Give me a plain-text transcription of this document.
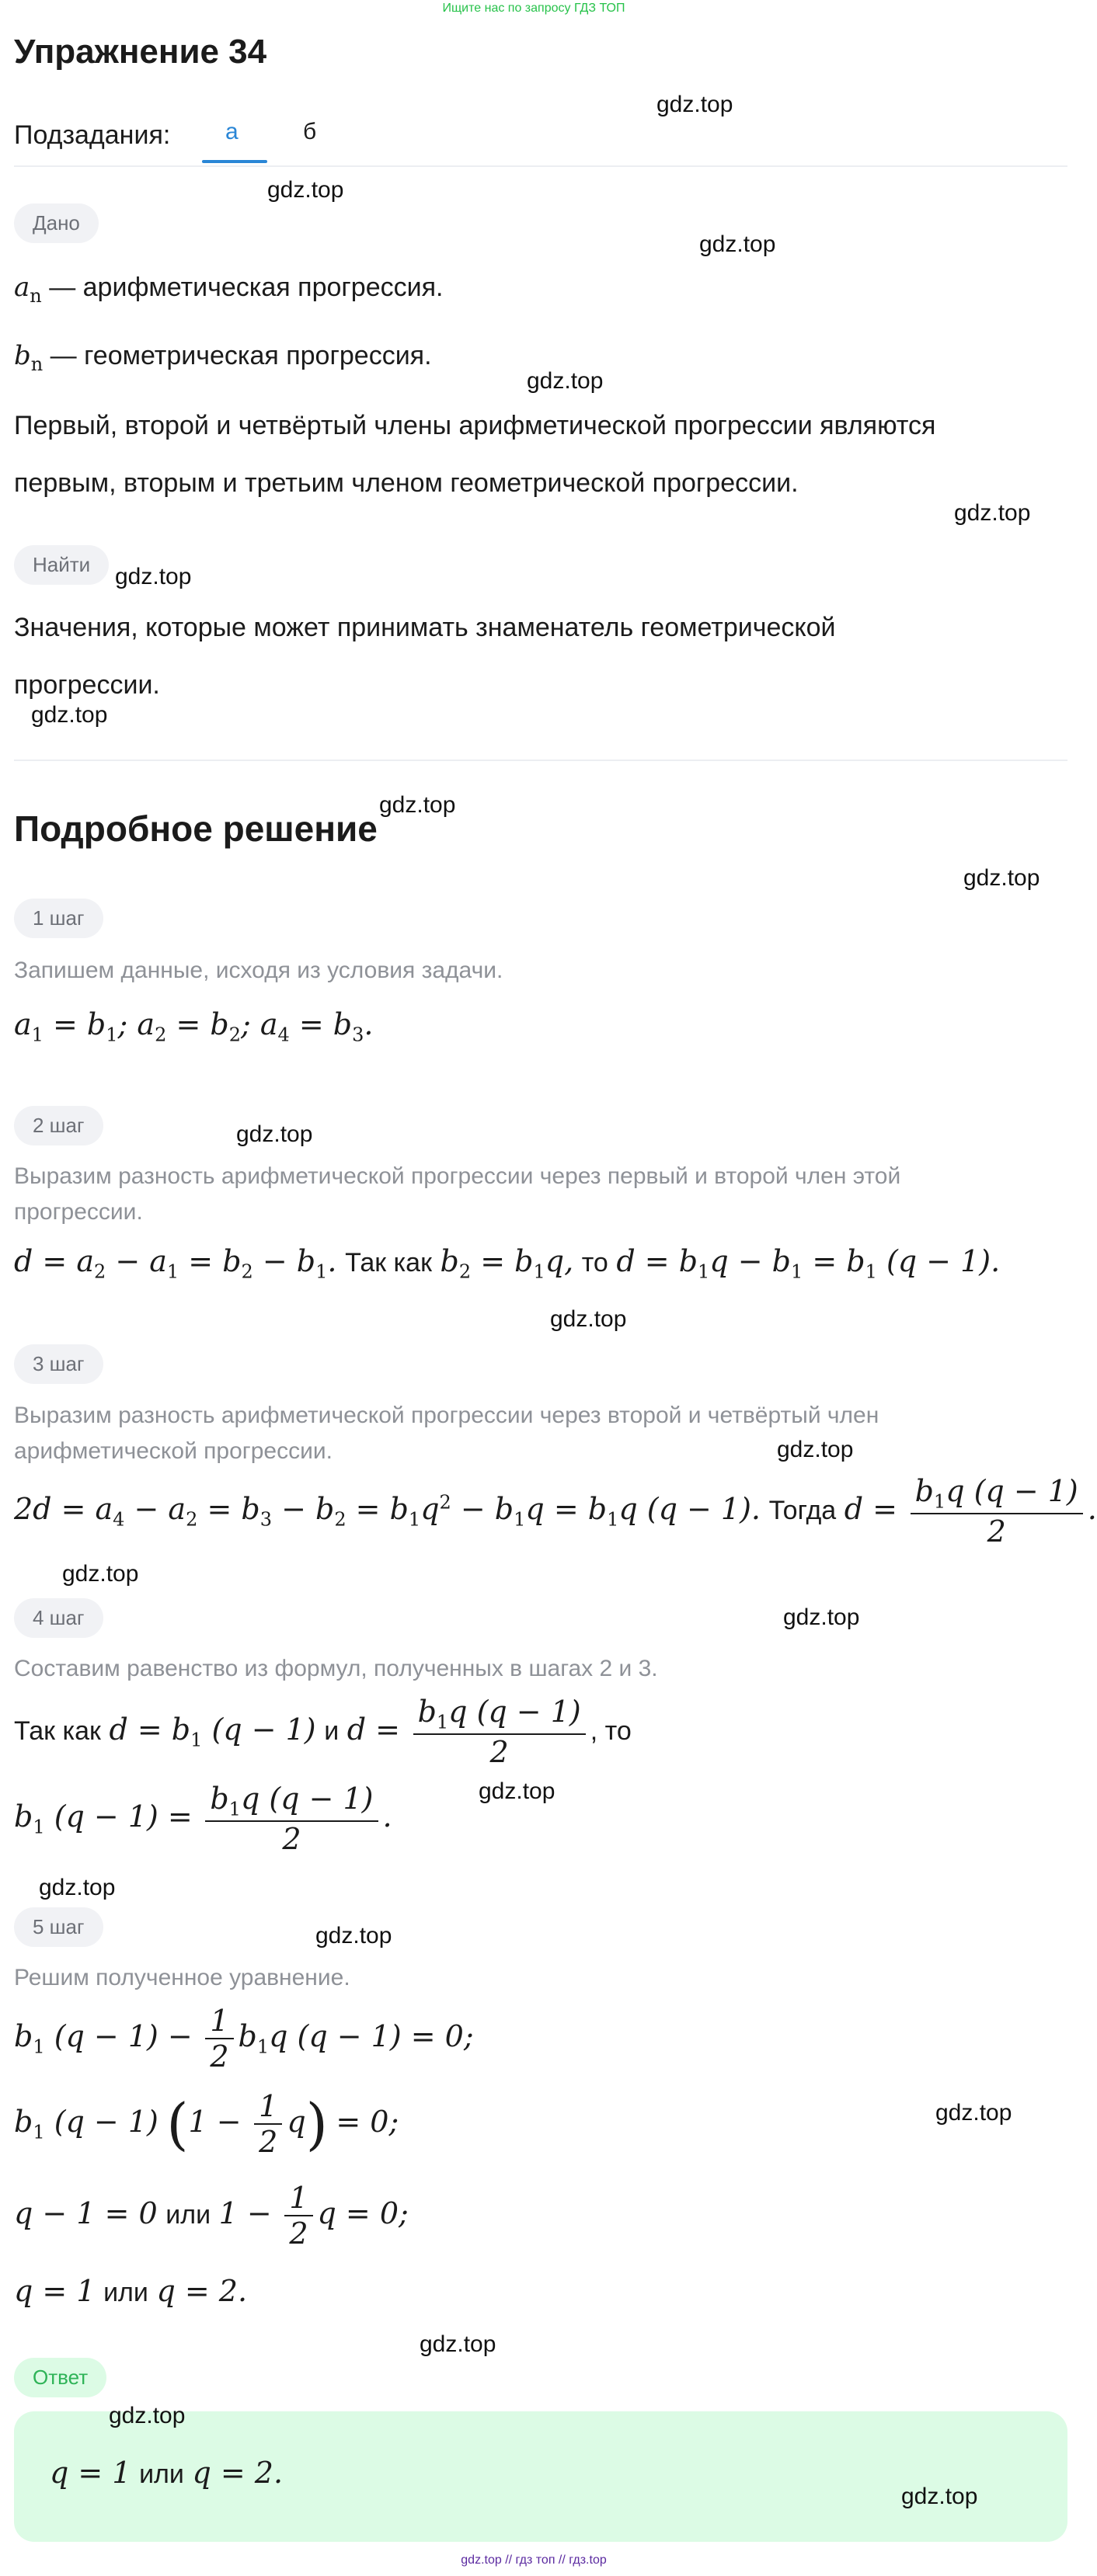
Ищите нас по запросу ГДЗ ТОП
Упражнение 34
Подзадания: а	б
Дано
$a_n$ — арифметическая прогрессия.
$b_n$ — геометрическая прогрессия.
Первый, второй и четвёртый члены арифметической прогрессии являются
первым, вторым и третьим членом геометрической прогрессии.
Найти
Значения, которые может принимать знаменатель геометрической
прогрессии.
Подробное решение
1 шаг
Запишем данные, исходя из условия задачи.
$a_1 = b_1$; $a_2 = b_2$; $a_4 = b_3$.
2 шаг
Выразим разность арифметической прогрессии через первый и второй член этой
прогрессии.
$d = a_2 - a_1 = b_2 - b_1$. Так как $b_2 = b_1q$, то $d = b_1q - b_1 = b_1$ (q − 1).
3 шаг
Выразим разность арифметической прогрессии через второй и четвёртый член
арифметической прогрессии.
$2d = a_4 - a_2 = b_3 - b_2 = b_1q^2 - b_1q = b_1q$ (q − 1). Тогда $d = \frac{b_1q (q - 1)}{2}$ .
4 шаг
Составим равенство из формул, полученных в шагах 2 и 3.
Так как $d = b_1$ (q − 1) и $d = \frac{b_1q (q - 1)}{2}$ , то
$b_1$ $(q - 1) = \frac{b_1q (q - 1)}{2}$ .
5 шаг
Решим полученное уравнение.
$b_1$ $(q - 1) - \frac{1}{2} b_1q$ (q − 1) = 0;
$b_1$ (q − 1) $(1 - \frac{1}{2} q) = 0$;
q − 1 = 0 или $1 - \frac{1}{2}$ q = 0;
q = 1 или q = 2.
Ответ
q = 1 или q = 2.
gdz.top
gdz.top
gdz.top
gdz.top
gdz.top
gdz.top
gdz.top
gdz.top
gdz.top
gdz.top
gdz.top
gdz.top
gdz.top
gdz.top
gdz.top
gdz.top
gdz.top
gdz.top
gdz.top
gdz.top
gdz.top
gdz.top // гдз топ // гдз.top
